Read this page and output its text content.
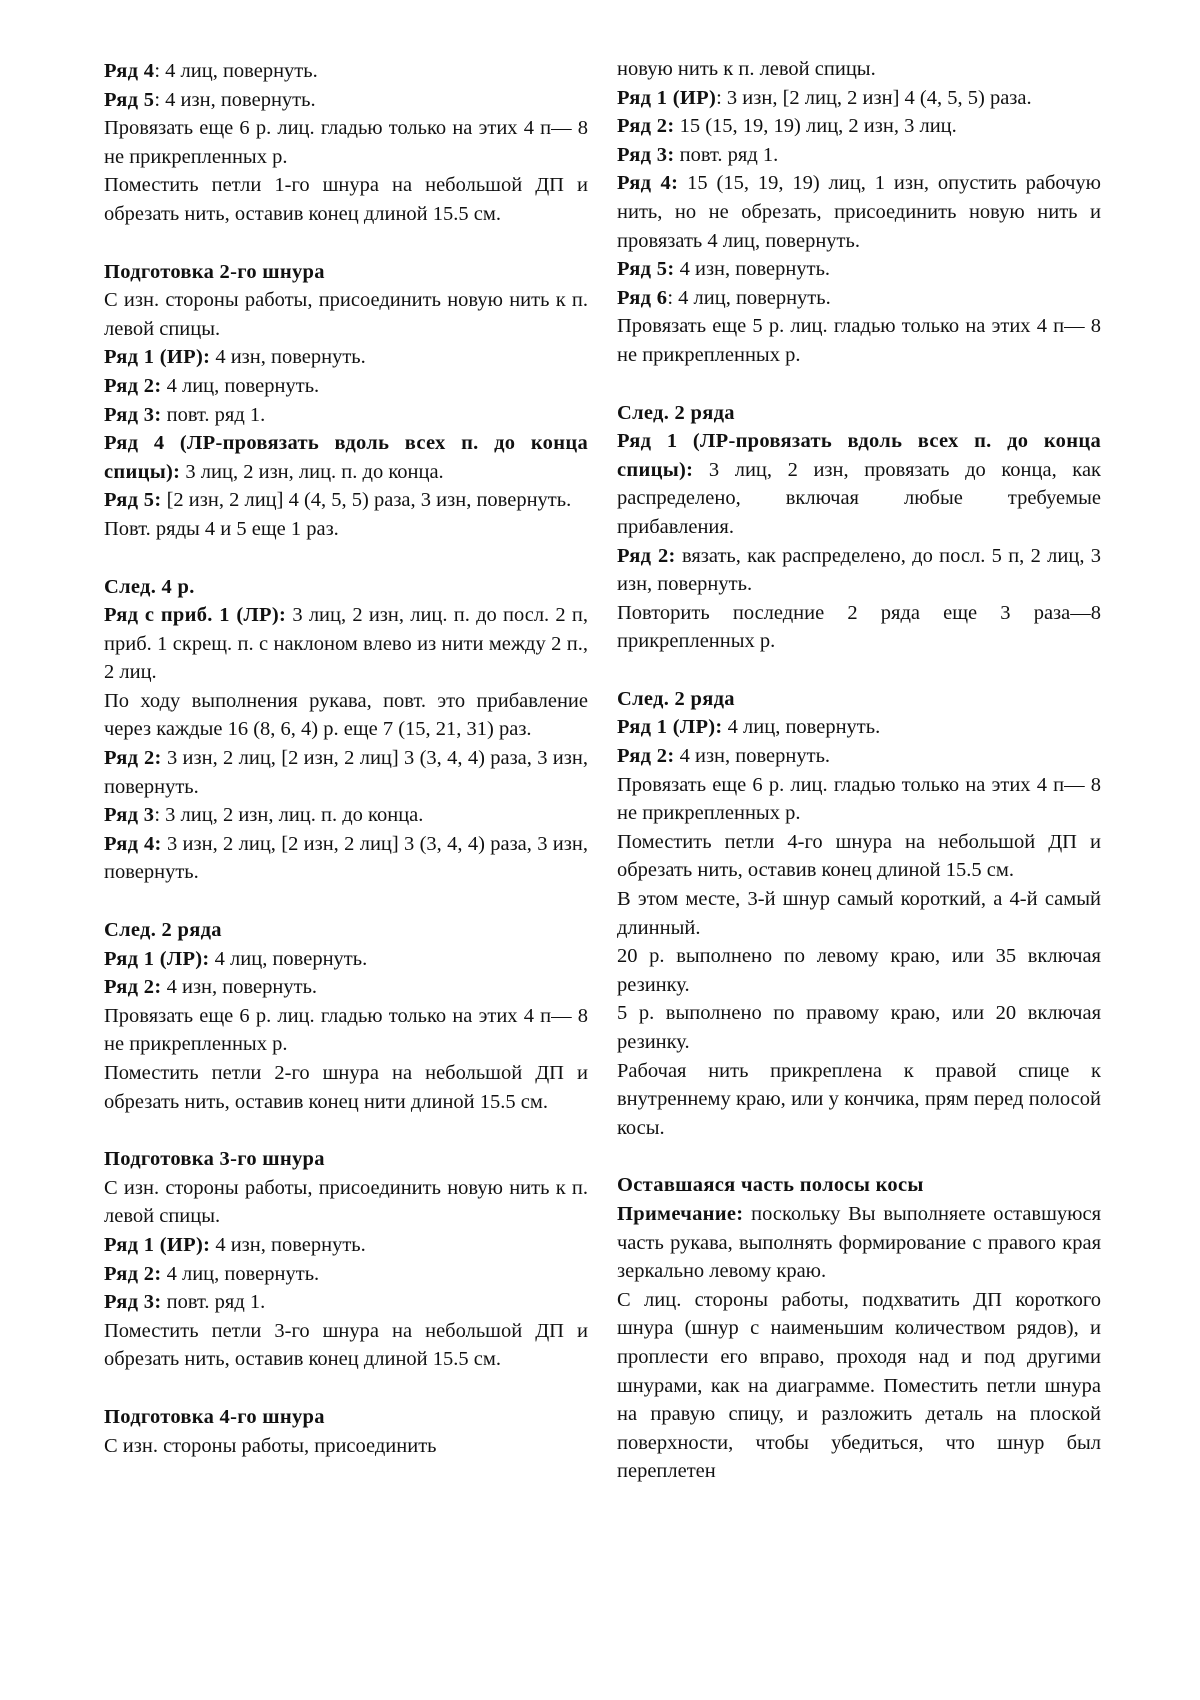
Ряд 4: 4 лиц, повернуть.

Ряд 5: 4 изн, повернуть.

Провязать еще 6 р. лиц. гладью только на этих 4 п— 8 не прикрепленных р.

Поместить петли 1-го шнура на небольшой ДП и обрезать нить, оставив конец длиной 15.5 см.

Подготовка 2-го шнура

С изн. стороны работы, присоединить новую нить к п. левой спицы.

Ряд 1 (ИР): 4 изн, повернуть.

Ряд 2: 4 лиц, повернуть.

Ряд 3: повт. ряд 1.

Ряд 4 (ЛР-провязать вдоль всех п. до конца спицы): 3 лиц, 2 изн, лиц. п. до конца.

Ряд 5: [2 изн, 2 лиц] 4 (4, 5, 5) раза, 3 изн, повернуть.

Повт. ряды 4 и 5 еще 1 раз.

След. 4 р.

Ряд с приб. 1 (ЛР): 3 лиц, 2 изн, лиц. п. до посл. 2 п, приб. 1 скрещ. п. с наклоном влево из нити между 2 п., 2 лиц.

По ходу выполнения рукава, повт. это прибавление через каждые 16 (8, 6, 4) р. еще 7 (15, 21, 31) раз.

Ряд 2: 3 изн, 2 лиц, [2 изн, 2 лиц] 3 (3, 4, 4) раза, 3 изн, повернуть.

Ряд 3: 3 лиц, 2 изн, лиц. п. до конца.

Ряд 4: 3 изн, 2 лиц, [2 изн, 2 лиц] 3 (3, 4, 4) раза, 3 изн, повернуть.

След. 2 ряда

Ряд 1 (ЛР): 4 лиц, повернуть.

Ряд 2: 4 изн, повернуть.

Провязать еще 6 р. лиц. гладью только на этих 4 п— 8 не прикрепленных р.

Поместить петли 2-го шнура на небольшой ДП и обрезать нить, оставив конец нити длиной 15.5 см.

Подготовка 3-го шнура

С изн. стороны работы, присоединить новую нить к п. левой спицы.

Ряд 1 (ИР): 4 изн, повернуть.

Ряд 2: 4 лиц, повернуть.

Ряд 3: повт. ряд 1.

Поместить петли 3-го шнура на небольшой ДП и обрезать нить, оставив конец длиной 15.5 см.

Подготовка 4-го шнура

С изн. стороны работы, присоединить

новую нить к п. левой спицы.

Ряд 1 (ИР): 3 изн, [2 лиц, 2 изн] 4 (4, 5, 5) раза.

Ряд 2: 15 (15, 19, 19) лиц, 2 изн, 3 лиц.

Ряд 3: повт. ряд 1.

Ряд 4: 15 (15, 19, 19) лиц, 1 изн, опустить рабочую нить, но не обрезать, присоединить новую нить и провязать 4 лиц, повернуть.

Ряд 5: 4 изн, повернуть.

Ряд 6: 4 лиц, повернуть.

Провязать еще 5 р. лиц. гладью только на этих 4 п— 8 не прикрепленных р.

След. 2 ряда

Ряд 1 (ЛР-провязать вдоль всех п. до конца спицы): 3 лиц, 2 изн, провязать до конца, как распределено, включая любые требуемые прибавления.

Ряд 2: вязать, как распределено, до посл. 5 п, 2 лиц, 3 изн, повернуть.

Повторить последние 2 ряда еще 3 раза—8 прикрепленных р.

След. 2 ряда

Ряд 1 (ЛР): 4 лиц, повернуть.

Ряд 2: 4 изн, повернуть.

Провязать еще 6 р. лиц. гладью только на этих 4 п— 8 не прикрепленных р.

Поместить петли 4-го шнура на небольшой ДП и обрезать нить, оставив конец длиной 15.5 см.

В этом месте, 3-й шнур самый короткий, а 4-й самый длинный.

20 р. выполнено по левому краю, или 35 включая резинку.

5 р. выполнено по правому краю, или 20 включая резинку.

Рабочая нить прикреплена к правой спице к внутреннему краю, или у кончика, прям перед полосой косы.

Оставшаяся часть полосы косы

Примечание: поскольку Вы выполняете оставшуюся часть рукава, выполнять формирование с правого края зеркально левому краю.

С лиц. стороны работы, подхватить ДП короткого шнура (шнур с наименьшим количеством рядов), и проплести его вправо, проходя над и под другими шнурами, как на диаграмме. Поместить петли шнура на правую спицу, и разложить деталь на плоской поверхности, чтобы убедиться, что шнур был переплетен
